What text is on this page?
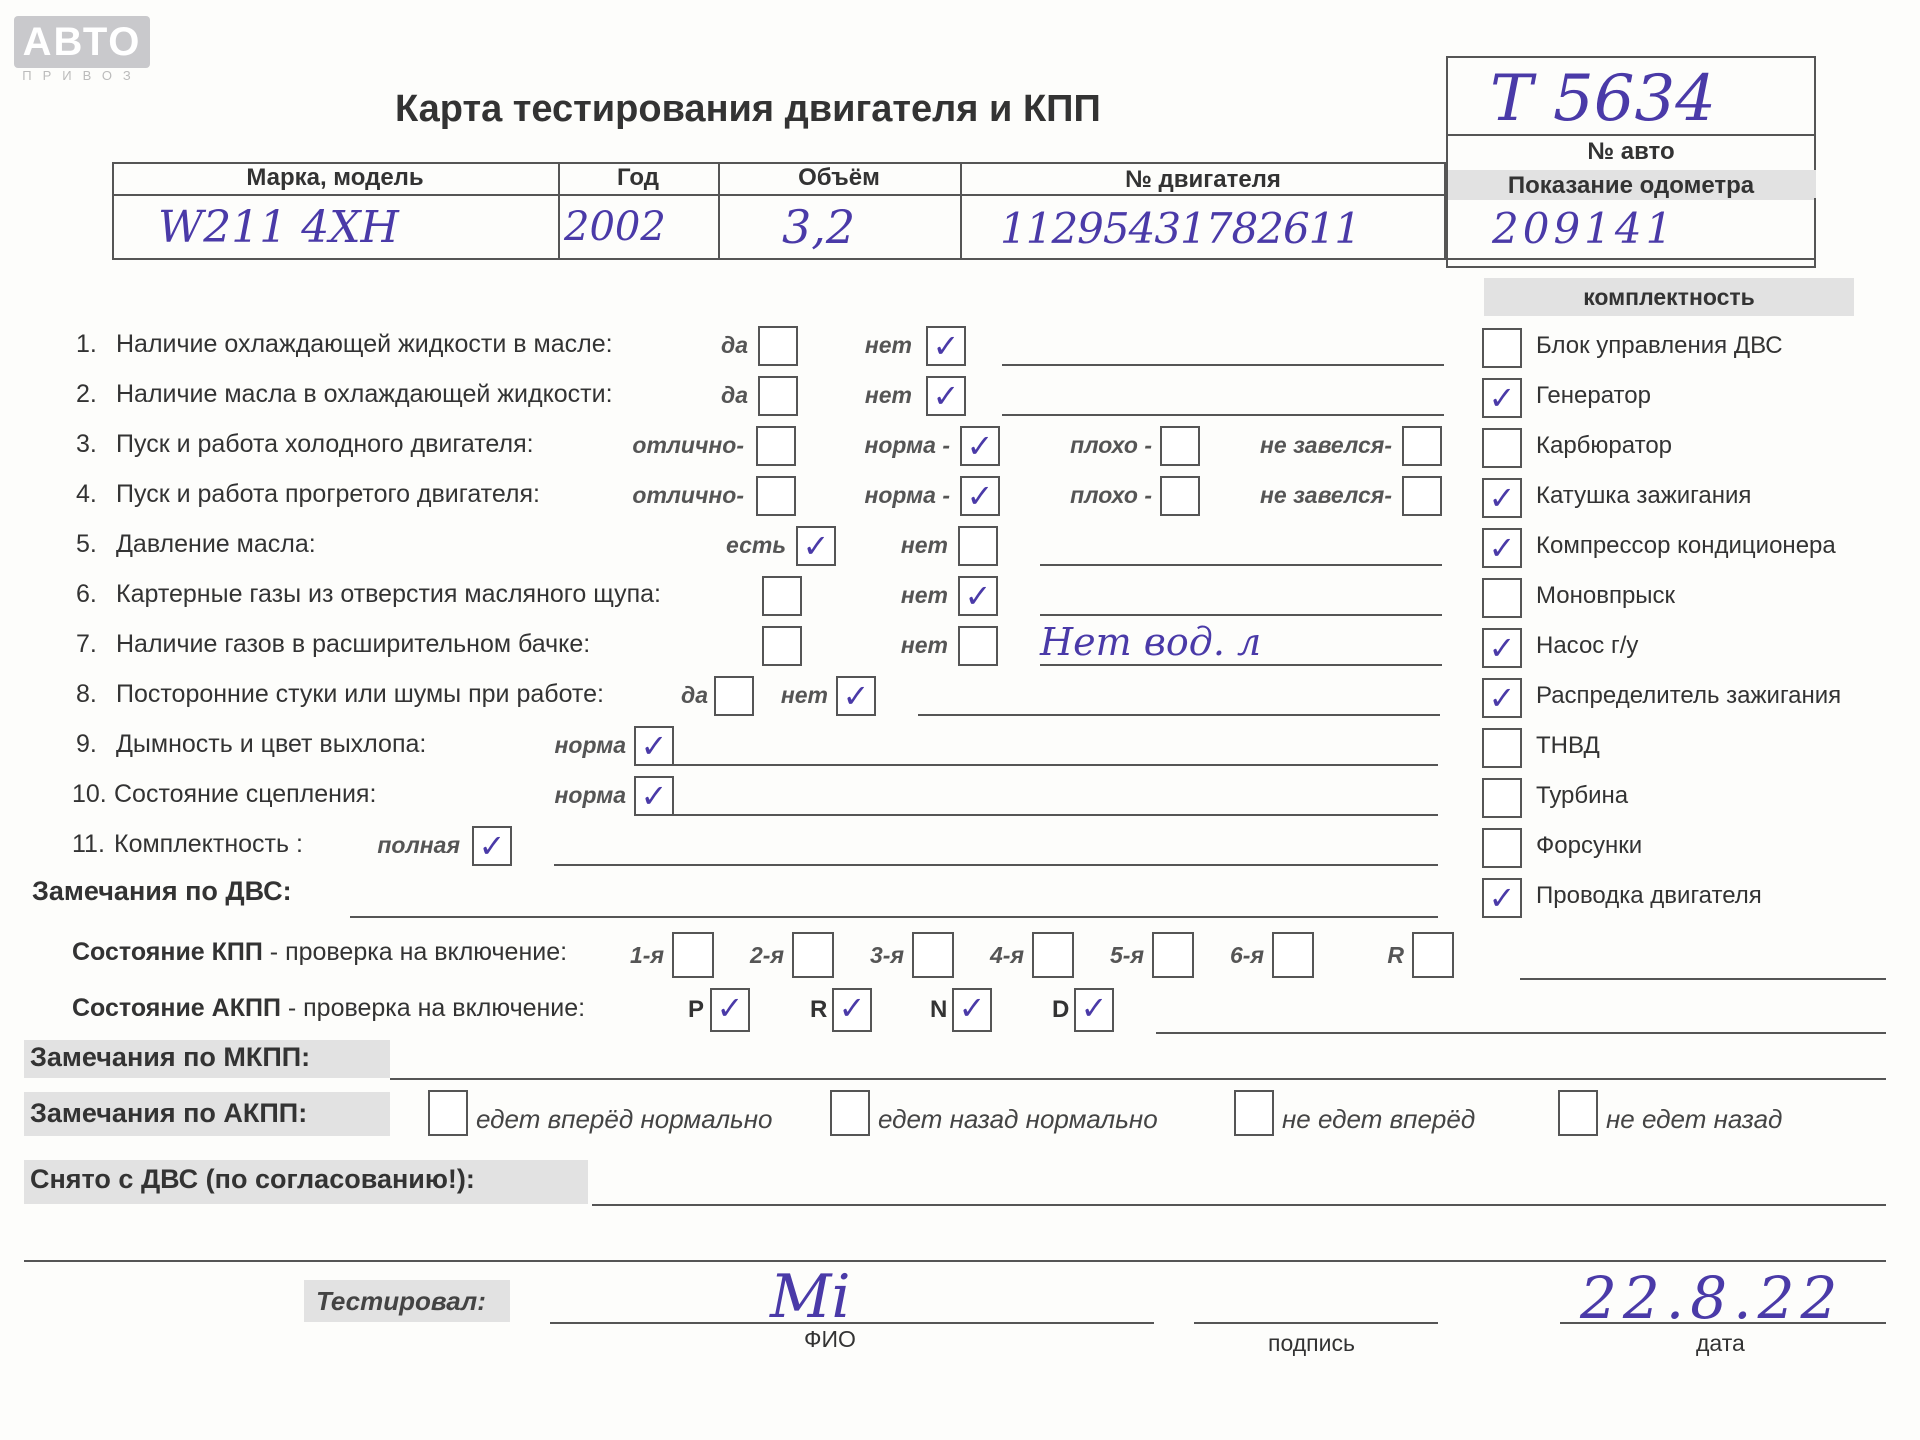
АВТО
ПРИВОЗ
Карта тестирования двигателя и КПП	Т 5634
№ авто
Марка, модель	Год	Объём	№ двигателя	Показание одометра
W211 4XH	2002	3,2	11295431782611	209141
комплектность
1. Наличие охлаждающей жидкости в масле:	да	нет ✓
2. Наличие масла в охлаждающей жидкости:	да	нет ✓
3. Пуск и работа холодного двигателя:	отлично-	норма - ✓	плохо -	не завелся-
4. Пуск и работа прогретого двигателя:	отлично-	норма - ✓	плохо -	не завелся-
5. Давление масла:	есть ✓	нет
6. Картерные газы из отверстия масляного щупа:	нет ✓
7. Наличие газов в расширительном бачке:	нет Нет вод. л
8. Посторонние стуки или шумы при работе:	да	нет ✓
9. Дымность и цвет выхлопа:	норма ✓
10. Состояние сцепления:	норма ✓
11. Комплектность :	полная ✓
Блок управления ДВС
✓ Генератор
Карбюратор
✓ Катушка зажигания
✓ Компрессор кондиционера
Моновпрыск
✓ Насос г/у
✓ Распределитель зажигания
ТНВД
Турбина
Форсунки
✓ Проводка двигателя
Замечания по ДВС:
Состояние КПП - проверка на включение:	1-я	2-я	3-я	4-я	5-я	6-я	R
Состояние АКПП - проверка на включение:	P ✓	R ✓	N ✓	D ✓
Замечания по МКПП:
Замечания по АКПП:	едет вперёд нормально	едет назад нормально	не едет вперёд	не едет назад
Снято с ДВС (по согласованию!):
Тестировал:	Mi	22.8.22
ФИО	подпись	дата
